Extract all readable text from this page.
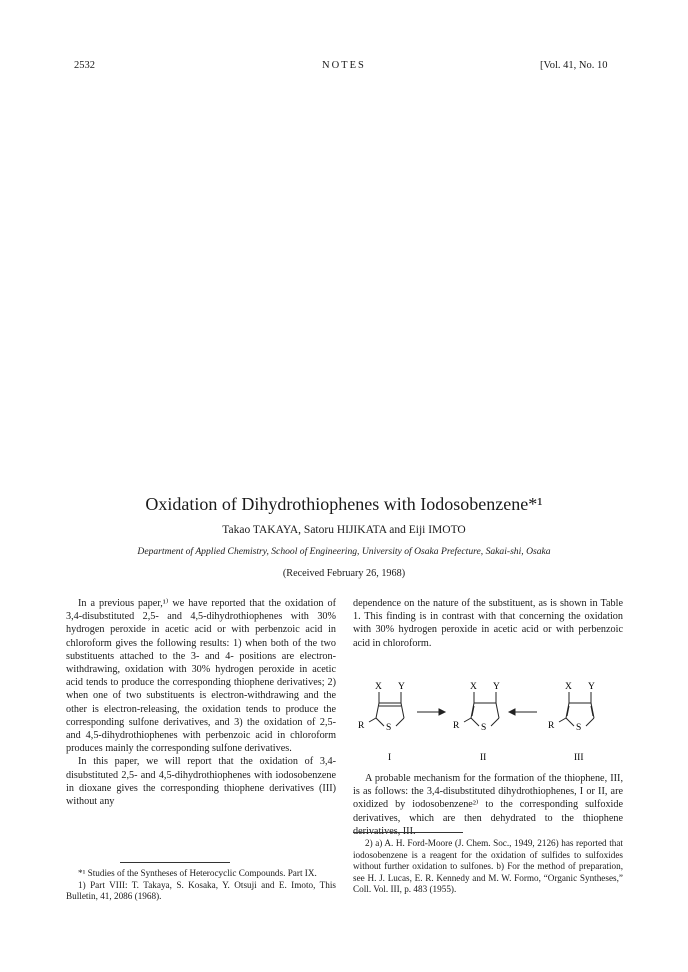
2532	NOTES	[Vol. 41, No. 10
Oxidation of Dihydrothiophenes with Iodosobenzene*¹
Takao TAKAYA, Satoru HIJIKATA and Eiji IMOTO
Department of Applied Chemistry, School of Engineering, University of Osaka Prefecture, Sakai-shi, Osaka
(Received February 26, 1968)

In a previous paper,¹⁾ we have reported that the oxidation of 3,4-disubstituted 2,5- and 4,5-dihydrothiophenes with 30% hydrogen peroxide in acetic acid or with perbenzoic acid in chloroform gives the following results: 1) when both of the two substituents attached to the 3- and 4- positions are electron-withdrawing, oxidation with 30% hydrogen peroxide in acetic acid tends to produce the corresponding thiophene derivatives; 2) when one of two substituents is electron-withdrawing and the other is electron-releasing, the oxidation tends to produce the corresponding sulfone derivatives, and 3) the oxidation of 2,5- and 4,5-dihydrothiophenes with perbenzoic acid in chloroform produces mainly the corresponding sulfone derivatives.

In this paper, we will report that the oxidation of 3,4-disubstituted 2,5- and 4,5-dihydrothiophenes with iodosobenzene in dioxane gives the corresponding thiophene derivatives (III) without any

dependence on the nature of the substituent, as is shown in Table 1. This finding is in contrast with that concerning the oxidation with 30% hydrogen peroxide in acetic acid or with perbenzoic acid in chloroform.

X Y
R S
X Y
R S
X Y
R S
I	II	III

A probable mechanism for the formation of the thiophene, III, is as follows: the 3,4-disubstituted dihydrothiophenes, I or II, are oxidized by iodosobenzene²⁾ to the corresponding sulfoxide derivatives, which are then dehydrated to the thiophene derivatives, III.

*¹ Studies of the Syntheses of Heterocyclic Compounds. Part IX.

1) Part VIII: T. Takaya, S. Kosaka, Y. Otsuji and E. Imoto, This Bulletin, 41, 2086 (1968).

2) a) A. H. Ford-Moore (J. Chem. Soc., 1949, 2126) has reported that iodosobenzene is a reagent for the oxidation of sulfides to sulfoxides without further oxidation to sulfones. b) For the method of preparation, see H. J. Lucas, E. R. Kennedy and M. W. Formo, “Organic Syntheses,” Coll. Vol. III, p. 483 (1955).
